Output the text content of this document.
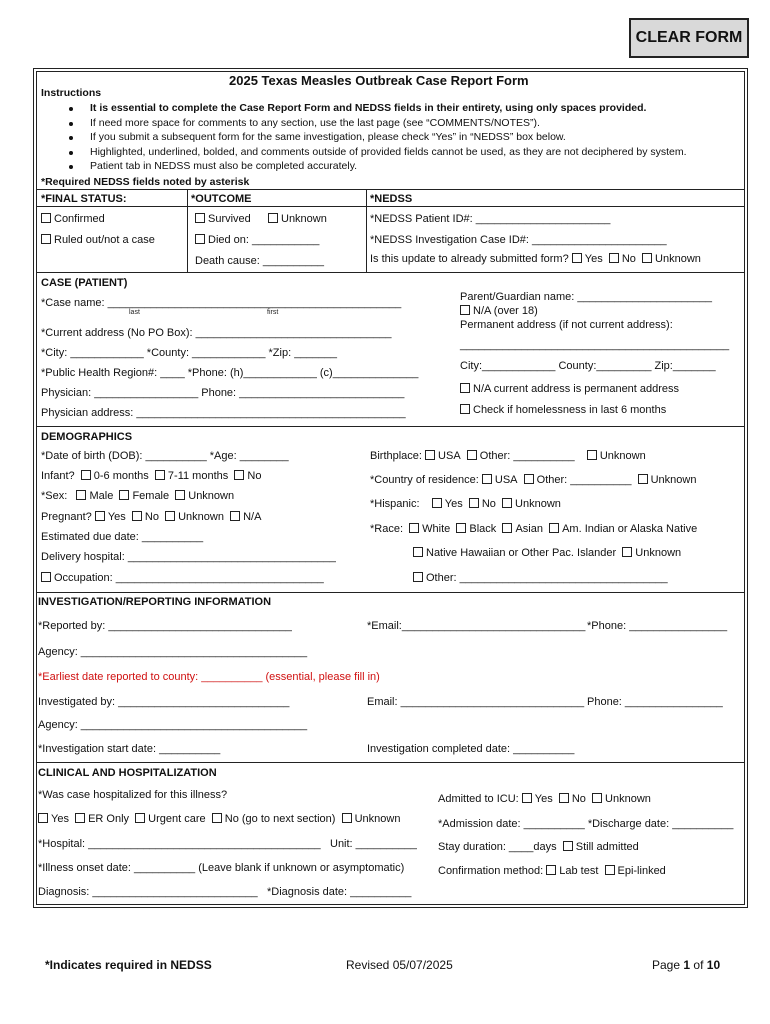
CLEAR FORM
2025 Texas Measles Outbreak Case Report Form
Instructions
It is essential to complete the Case Report Form and NEDSS fields in their entirety, using only spaces provided.
If need more space for comments to any section, use the last page (see “COMMENTS/NOTES”).
If you submit a subsequent form for the same investigation, please check “Yes” in “NEDSS” box below.
Highlighted, underlined, bolded, and comments outside of provided fields cannot be used, as they are not deciphered by system.
Patient tab in NEDSS must also be completed accurately.
*Required NEDSS fields noted by asterisk
*FINAL STATUS:
Confirmed
Ruled out/not a case
*OUTCOME
Survived	Unknown
Died on: ___________
Death cause: __________
*NEDSS
*NEDSS Patient ID#: ______________________
*NEDSS Investigation Case ID#: ______________________
Is this update to already submitted form? Yes No Unknown
CASE (PATIENT)
*Case name: ________________________________________________
last	first
*Current address (No PO Box): ________________________________
*City: ____________ *County: ____________ *Zip: _______
*Public Health Region#: ____ *Phone: (h)____________ (c)______________
Physician: _________________ Phone: ___________________________
Physician address: ____________________________________________
Parent/Guardian name: ______________________
N/A (over 18)
Permanent address (if not current address):
____________________________________________
City:____________ County:_________ Zip:_______
N/A current address is permanent address
Check if homelessness in last 6 months
DEMOGRAPHICS
*Date of birth (DOB): __________ *Age: ________
Infant? 0-6 months 7-11 months No
*Sex: Male Female Unknown
Pregnant? Yes No Unknown N/A
Estimated due date: __________
Delivery hospital: __________________________________
Occupation: __________________________________
Birthplace: USA Other: __________ Unknown
*Country of residence: USA Other: __________ Unknown
*Hispanic: Yes No Unknown
*Race: White Black Asian Am. Indian or Alaska Native
Native Hawaiian or Other Pac. Islander Unknown
Other: __________________________________
INVESTIGATION/REPORTING INFORMATION
*Reported by: ______________________________	*Email:______________________________ *Phone: ________________
Agency: _____________________________________
*Earliest date reported to county: __________ (essential, please fill in)
Investigated by: ____________________________	Email: ______________________________ Phone: ________________
Agency: _____________________________________
*Investigation start date: __________	Investigation completed date: __________
CLINICAL AND HOSPITALIZATION
*Was case hospitalized for this illness?
Yes ER Only Urgent care No (go to next section) Unknown
*Hospital: ______________________________________ Unit: __________
*Illness onset date: __________ (Leave blank if unknown or asymptomatic)
Diagnosis: ___________________________ *Diagnosis date: __________
Admitted to ICU: Yes No Unknown
*Admission date: __________ *Discharge date: __________
Stay duration: ____days Still admitted
Confirmation method: Lab test Epi-linked
*Indicates required in NEDSS	Revised 05/07/2025	Page 1 of 10
